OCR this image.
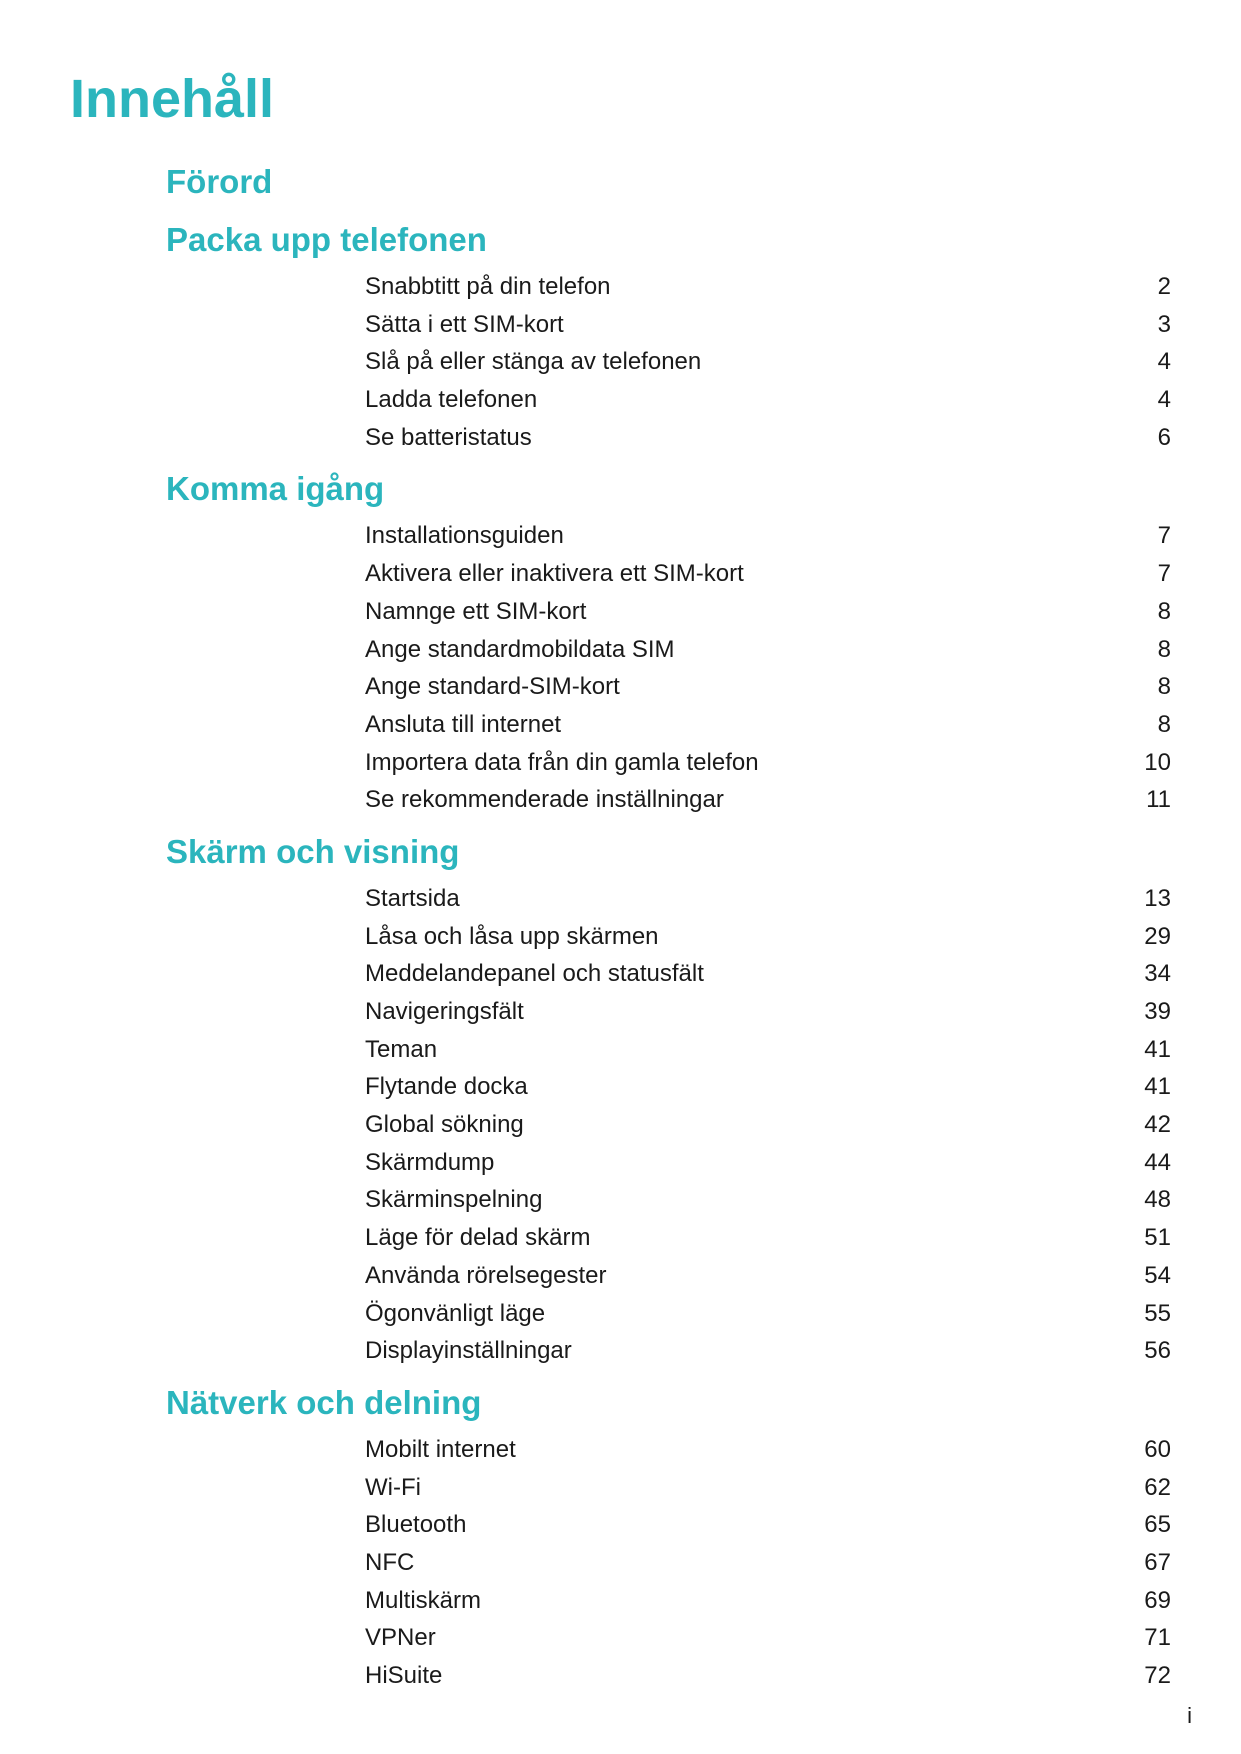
Innehåll
Förord
Packa upp telefonen
Snabbtitt på din telefon	2
Sätta i ett SIM-kort	3
Slå på eller stänga av telefonen	4
Ladda telefonen	4
Se batteristatus	6
Komma igång
Installationsguiden	7
Aktivera eller inaktivera ett SIM-kort	7
Namnge ett SIM-kort	8
Ange standardmobildata SIM	8
Ange standard-SIM-kort	8
Ansluta till internet	8
Importera data från din gamla telefon	10
Se rekommenderade inställningar	11
Skärm och visning
Startsida	13
Låsa och låsa upp skärmen	29
Meddelandepanel och statusfält	34
Navigeringsfält	39
Teman	41
Flytande docka	41
Global sökning	42
Skärmdump	44
Skärminspelning	48
Läge för delad skärm	51
Använda rörelsegester	54
Ögonvänligt läge	55
Displayinställningar	56
Nätverk och delning
Mobilt internet	60
Wi-Fi	62
Bluetooth	65
NFC	67
Multiskärm	69
VPNer	71
HiSuite	72
i
